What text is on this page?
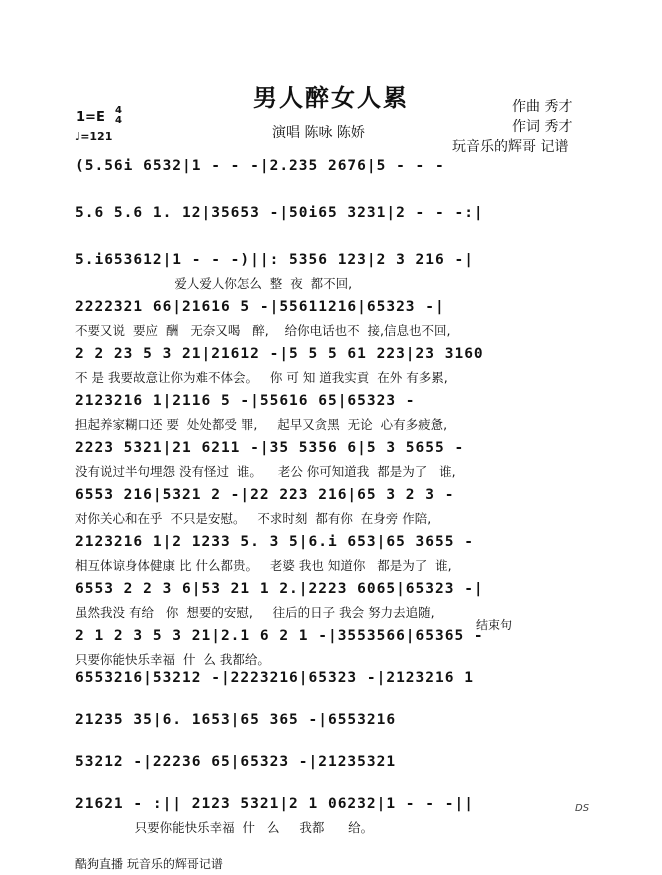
男人醉女人累	作曲 秀才
作词 秀才
玩音乐的辉哥 记谱
1=E 4
4
♩=121	演唱 陈咏 陈娇
(5.56i 6532|1 - - -|2.235 2676|5 - - -
5.6 5.6 1. 12|35653 -|50i65 3231|2 - - -:|
5.i653612|1 - - -)||: 5356 123|2 3 216 -|
爱人爱人你怎么  整  夜  都不回,
2222321 66|21616 5 -|55611216|65323 -|
不要又说  要应  酬   无奈又喝   醉,    给你电话也不  接,信息也不回,
2 2 23 5 3 21|21612 -|5 5 5 61 223|23 3160
不 是 我要故意让你为难不体会。   你 可 知 道我实貢  在外 有多累,
2123216 1|2116 5 -|55616 65|65323 -
担起养家糊口还 要  处处都受 罪,     起早又贪黑  无论  心有多疲惫,
2223 5321|21 6211 -|35 5356 6|5 3 5655 -
没有说过半句埋怨 没有怪过  谁。    老公 你可知道我  都是为了   谁,
6553 216|5321 2 -|22 223 216|65 3 2 3 -
对你关心和在乎  不只是安慰。   不求时刻  都有你  在身旁 作陪,
2123216 1|2 1233 5. 3 5|6.i 653|65 3655 -
相互体谅身体健康 比 什么都贵。   老婆 我也 知道你   都是为了  谁,
6553 2 2 3 6|53 21 1 2.|2223 6065|65323 -|
虽然我没 有给   你  想要的安慰,     往后的日子 我会 努力去追随,
2 1 2 3 5 3 21|2.1 6 2 1 -|3553566|65365 -
只要你能快乐幸福  什  么 我都给。
6553216|53212 -|2223216|65323 -|2123216 1
21235 35|6. 1653|65 365 -|6553216
53212 -|22236 65|65323 -|21235321
21621 - :|| 2123 5321|2 1 06232|1 - - -||
只要你能快乐幸福  什   么     我都      给。
结束句
DS
酷狗直播 玩音乐的辉哥记谱
